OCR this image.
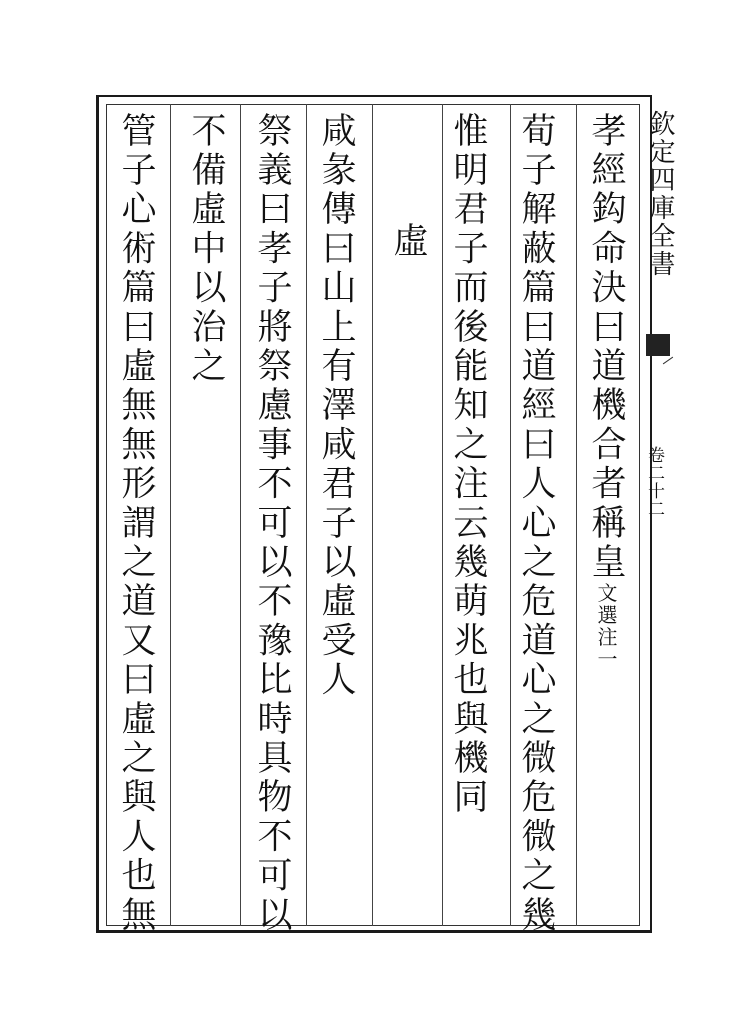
欽定四庫全書
卷二十二
孝經鈎命決曰道機合者稱皇文選注一
荀子解蔽篇曰道經曰人心之危道心之微危微之幾
惟明君子而後能知之注云幾萌兆也與機同
虛
咸彖傳曰山上有澤咸君子以虛受人
祭義曰孝子將祭慮事不可以不豫比時具物不可以
不備虛中以治之
管子心術篇曰虛無無形謂之道又曰虛之與人也無
